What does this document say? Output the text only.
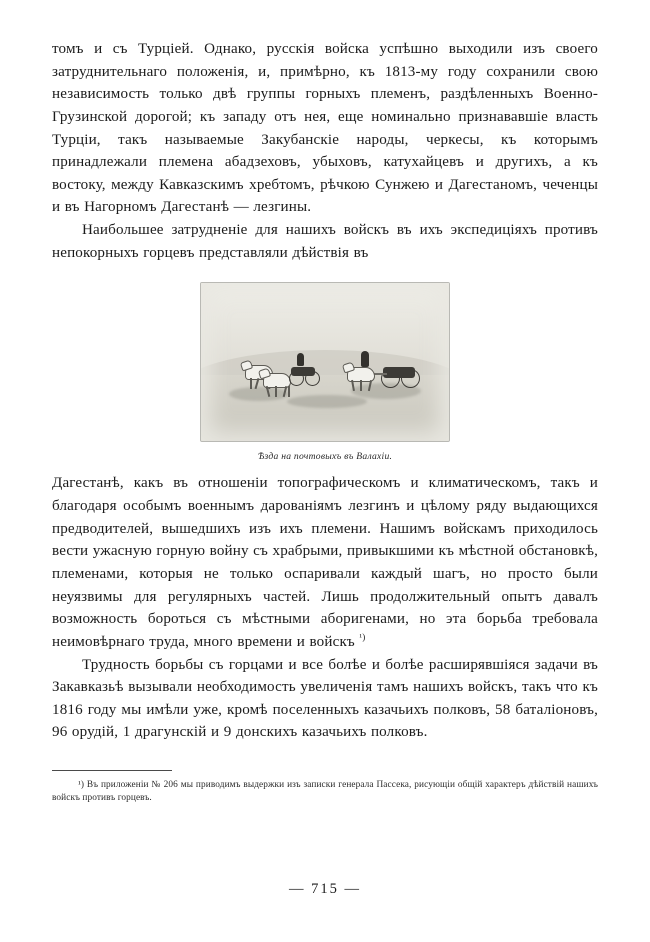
томъ и съ Турціей. Однако, русскія войска успѣшно выходили изъ своего затруднительнаго положенія, и, примѣрно, къ 1813-му году сохранили свою независимость только двѣ группы горныхъ племенъ, раздѣленныхъ Военно-Грузинской дорогой; къ западу отъ нея, еще номинально признававшіе власть Турціи, такъ называемые Закубанскіе народы, черкесы, къ которымъ принадлежали племена абадзеховъ, убыховъ, катухайцевъ и другихъ, а къ востоку, между Кавказскимъ хребтомъ, рѣчкою Сунжею и Дагестаномъ, чеченцы и въ Нагорномъ Дагестанѣ — лезгины.

Наибольшее затрудненіе для нашихъ войскъ въ ихъ экспедиціяхъ противъ непокорныхъ горцевъ представляли дѣйствія въ

Ѣзда на почтовыхъ въ Валахіи.

Дагестанѣ, какъ въ отношеніи топографическомъ и климатическомъ, такъ и благодаря особымъ военнымъ дарованіямъ лезгинъ и цѣлому ряду выдающихся предводителей, вышедшихъ изъ ихъ племени. Нашимъ войскамъ приходилось вести ужасную горную войну съ храбрыми, привыкшими къ мѣстной обстановкѣ, племенами, которыя не только оспаривали каждый шагъ, но просто были неуязвимы для регулярныхъ частей. Лишь продолжительный опытъ давалъ возможность бороться съ мѣстными аборигенами, но эта борьба требовала неимовѣрнаго труда, много времени и войскъ $^{^1)}$

Трудность борьбы съ горцами и все болѣе и болѣе расширявшіяся задачи въ Закавказьѣ вызывали необходимость увеличенія тамъ нашихъ войскъ, такъ что къ 1816 году мы имѣли уже, кромѣ поселенныхъ казачьихъ полковъ, 58 баталіоновъ, 96 орудій, 1 драгунскій и 9 донскихъ казачьихъ полковъ.

¹) Въ приложеніи № 206 мы приводимъ выдержки изъ записки генерала Пассека, рисующіи общій характеръ дѣйствій нашихъ войскъ противъ горцевъ.
— 715 —
